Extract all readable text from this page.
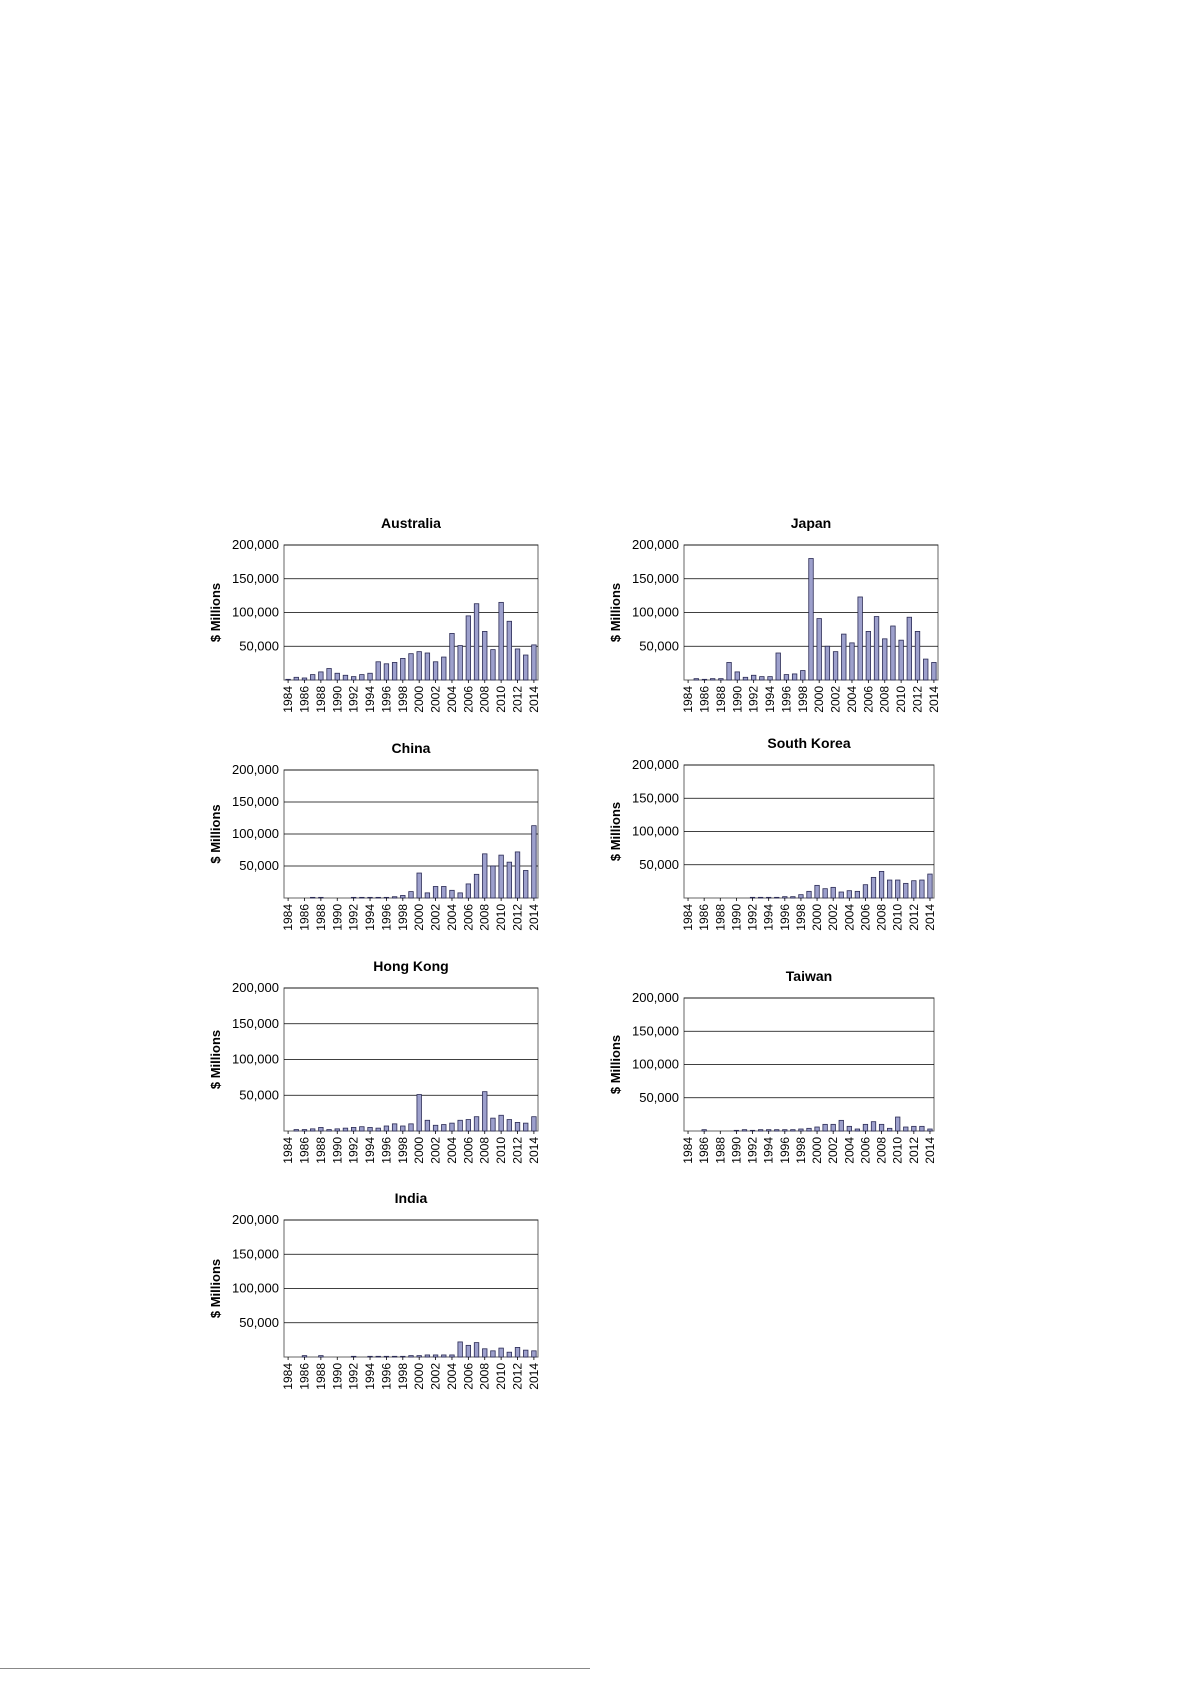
Australia
$ Millions
50,000
100,000
150,000
200,000
1984 1986 1988 1990 1992 1994 1996 1998 2000 2002 2004 2006 2008 2010 2012 2014
Japan
$ Millions
50,000
100,000
150,000
200,000
1984 1986 1988 1990 1992 1994 1996 1998 2000 2002 2004 2006 2008 2010 2012 2014
China
$ Millions
50,000
100,000
150,000
200,000
1984 1986 1988 1990 1992 1994 1996 1998 2000 2002 2004 2006 2008 2010 2012 2014
South Korea
$ Millions
50,000
100,000
150,000
200,000
1984 1986 1988 1990 1992 1994 1996 1998 2000 2002 2004 2006 2008 2010 2012 2014
Hong Kong
$ Millions
50,000
100,000
150,000
200,000
1984 1986 1988 1990 1992 1994 1996 1998 2000 2002 2004 2006 2008 2010 2012 2014
Taiwan
$ Millions
50,000
100,000
150,000
200,000
1984 1986 1988 1990 1992 1994 1996 1998 2000 2002 2004 2006 2008 2010 2012 2014
India
$ Millions
50,000
100,000
150,000
200,000
1984 1986 1988 1990 1992 1994 1996 1998 2000 2002 2004 2006 2008 2010 2012 2014
